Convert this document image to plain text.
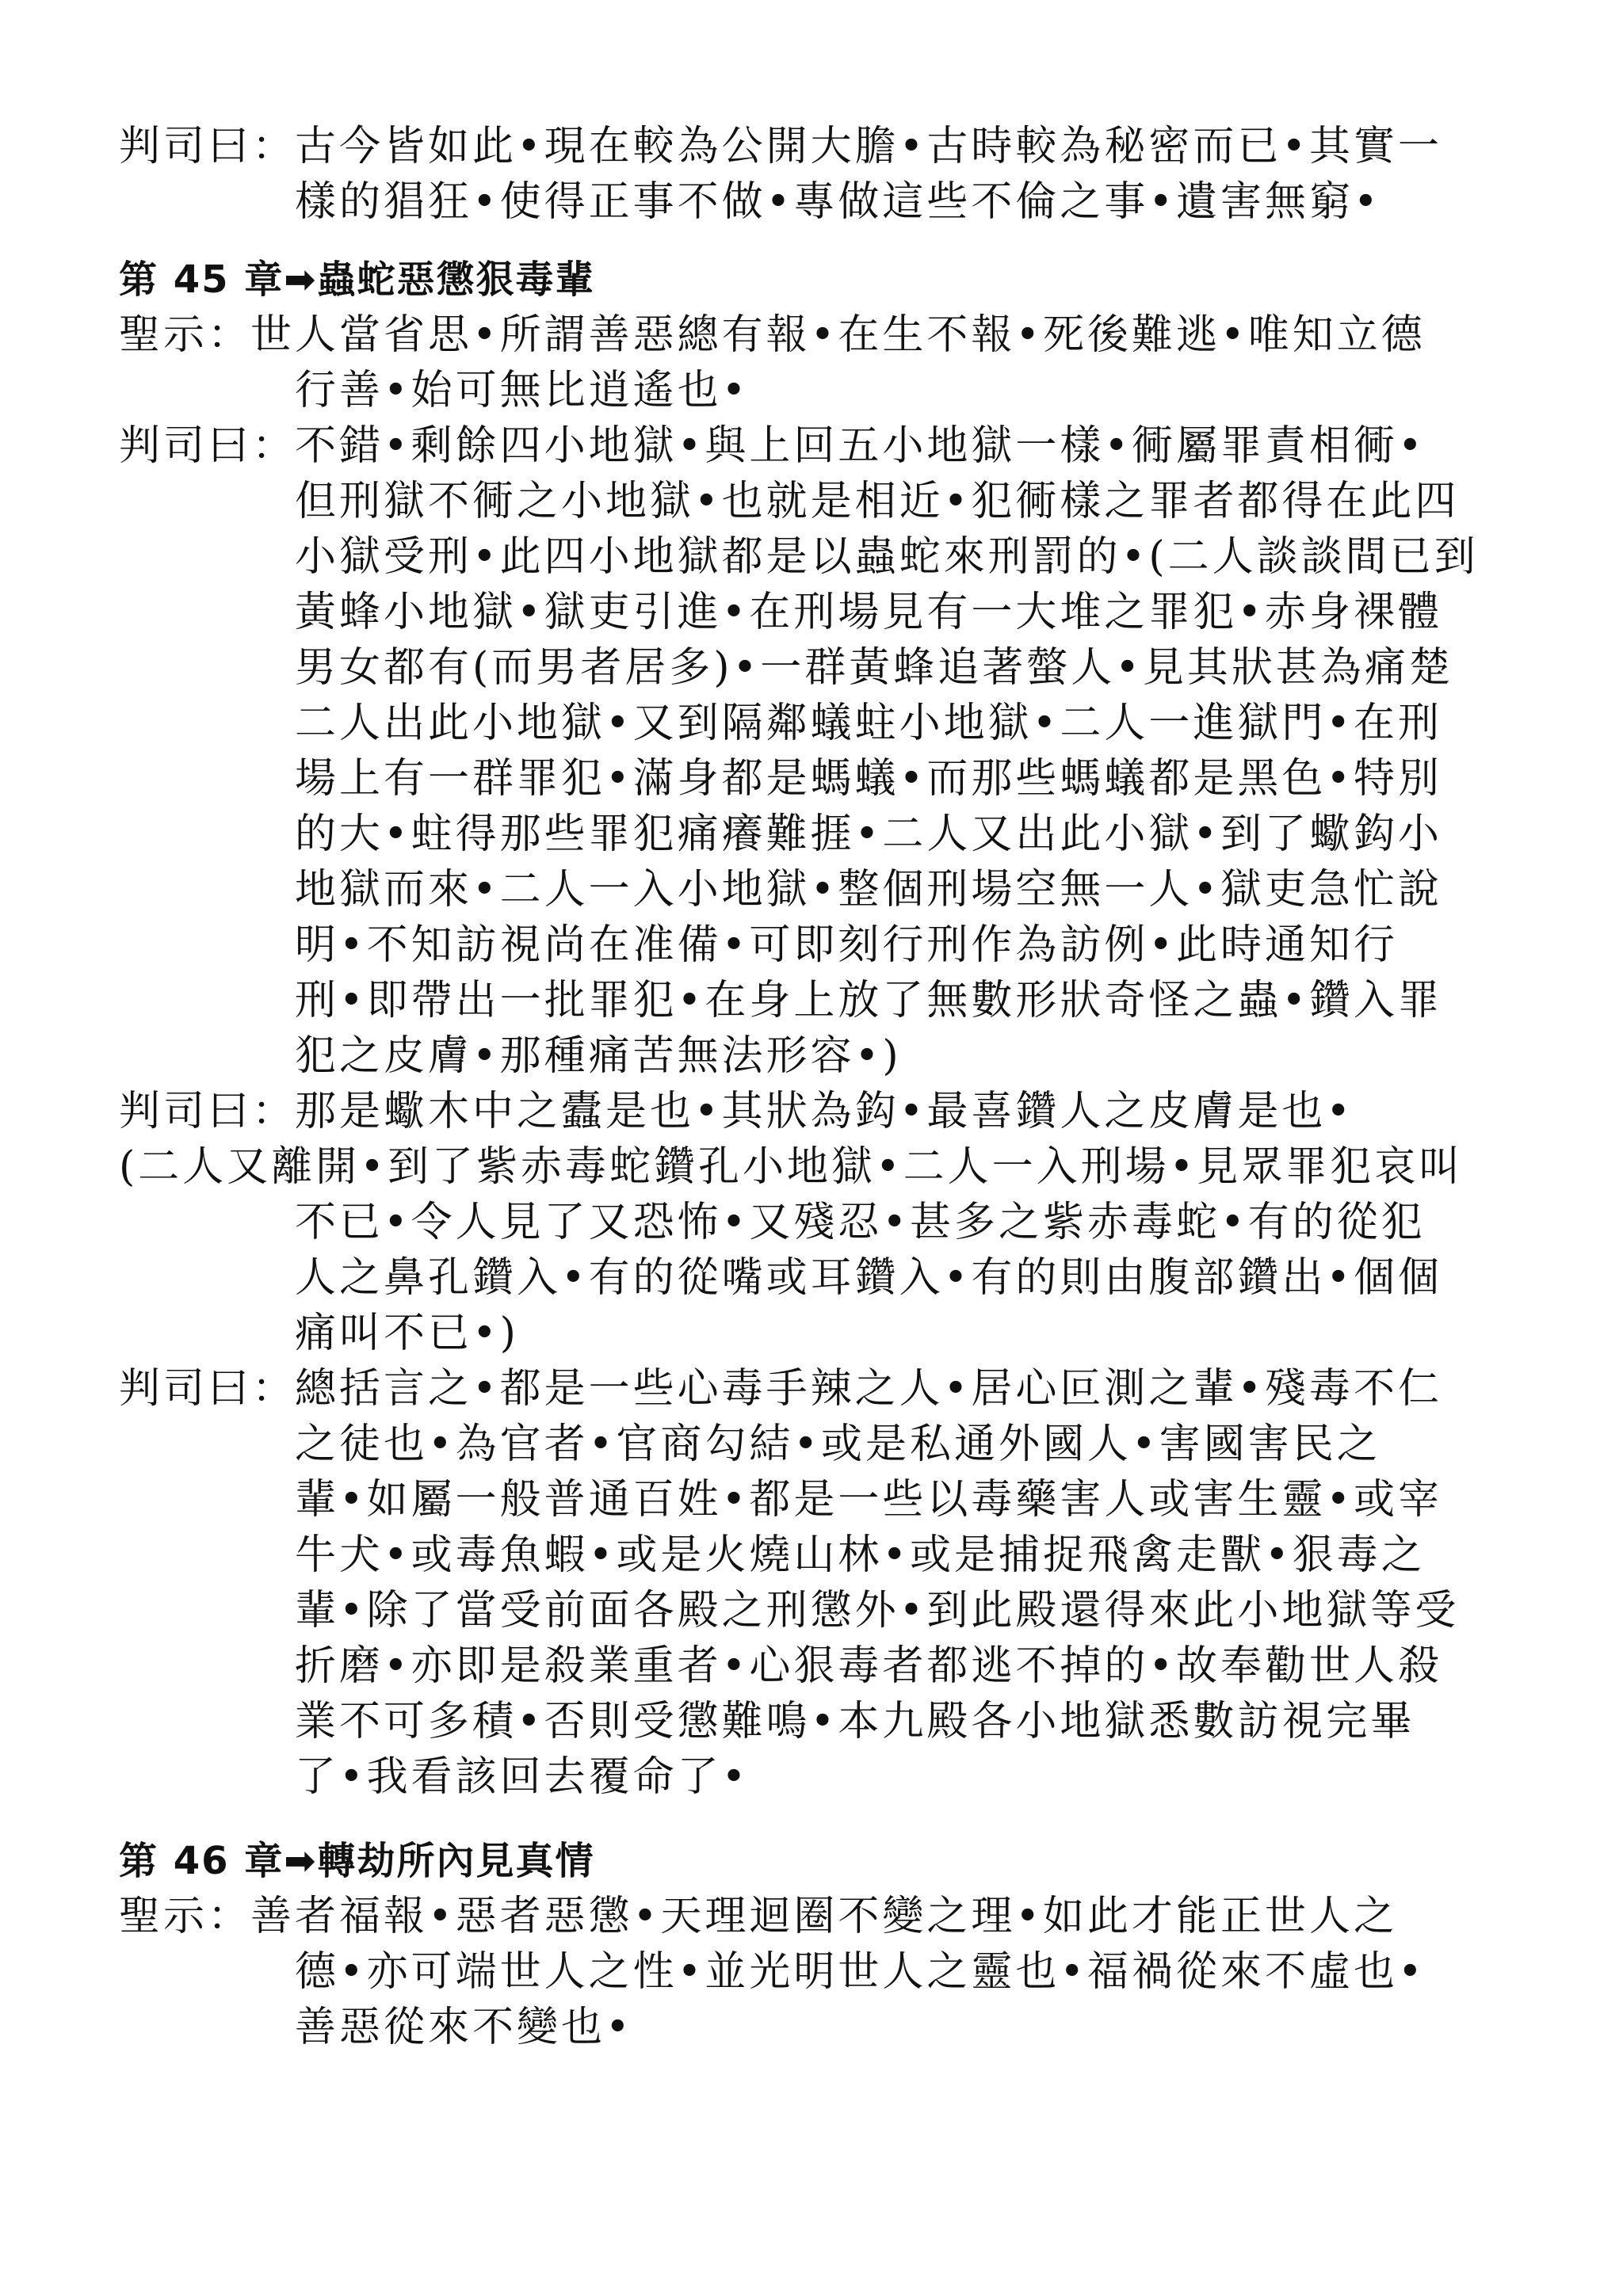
判司曰：
古今皆如此•現在較為公開大膽•古時較為秘密而已•其實一
樣的猖狂•使得正事不做•專做這些不倫之事•遺害無窮•
第 45 章➡蟲蛇惡懲狠毒輩
聖示：
世人當省思•所謂善惡總有報•在生不報•死後難逃•唯知立德
行善•始可無比逍遙也•
判司曰：
不錯•剩餘四小地獄•與上回五小地獄一樣•衕屬罪責相衕•
但刑獄不衕之小地獄•也就是相近•犯衕樣之罪者都得在此四
小獄受刑•此四小地獄都是以蟲蛇來刑罰的•(二人談談間已到
黃蜂小地獄•獄吏引進•在刑場見有一大堆之罪犯•赤身裸體
男女都有(而男者居多)•一群黃蜂追著螫人•見其狀甚為痛楚
二人出此小地獄•又到隔鄰蟻蛀小地獄•二人一進獄門•在刑
場上有一群罪犯•滿身都是螞蟻•而那些螞蟻都是黑色•特別
的大•蛀得那些罪犯痛癢難捱•二人又出此小獄•到了蠍鈎小
地獄而來•二人一入小地獄•整個刑場空無一人•獄吏急忙說
明•不知訪視尚在准備•可即刻行刑作為訪例•此時通知行
刑•即帶出一批罪犯•在身上放了無數形狀奇怪之蟲•鑽入罪
犯之皮膚•那種痛苦無法形容•)
判司曰：
那是蠍木中之蠹是也•其狀為鈎•最喜鑽人之皮膚是也•
(二人又離開•到了紫赤毒蛇鑽孔小地獄•二人一入刑場•見眾罪犯哀叫
不已•令人見了又恐怖•又殘忍•甚多之紫赤毒蛇•有的從犯
人之鼻孔鑽入•有的從嘴或耳鑽入•有的則由腹部鑽出•個個
痛叫不已•)
判司曰：
總括言之•都是一些心毒手辣之人•居心叵測之輩•殘毒不仁
之徒也•為官者•官商勾結•或是私通外國人•害國害民之
輩•如屬一般普通百姓•都是一些以毒藥害人或害生靈•或宰
牛犬•或毒魚蝦•或是火燒山林•或是捕捉飛禽走獸•狠毒之
輩•除了當受前面各殿之刑懲外•到此殿還得來此小地獄等受
折磨•亦即是殺業重者•心狠毒者都逃不掉的•故奉勸世人殺
業不可多積•否則受懲難鳴•本九殿各小地獄悉數訪視完畢
了•我看該回去覆命了•
第 46 章➡轉劫所內見真情
聖示：
善者福報•惡者惡懲•天理迴圈不變之理•如此才能正世人之
德•亦可端世人之性•並光明世人之靈也•福禍從來不虛也•
善惡從來不變也•
